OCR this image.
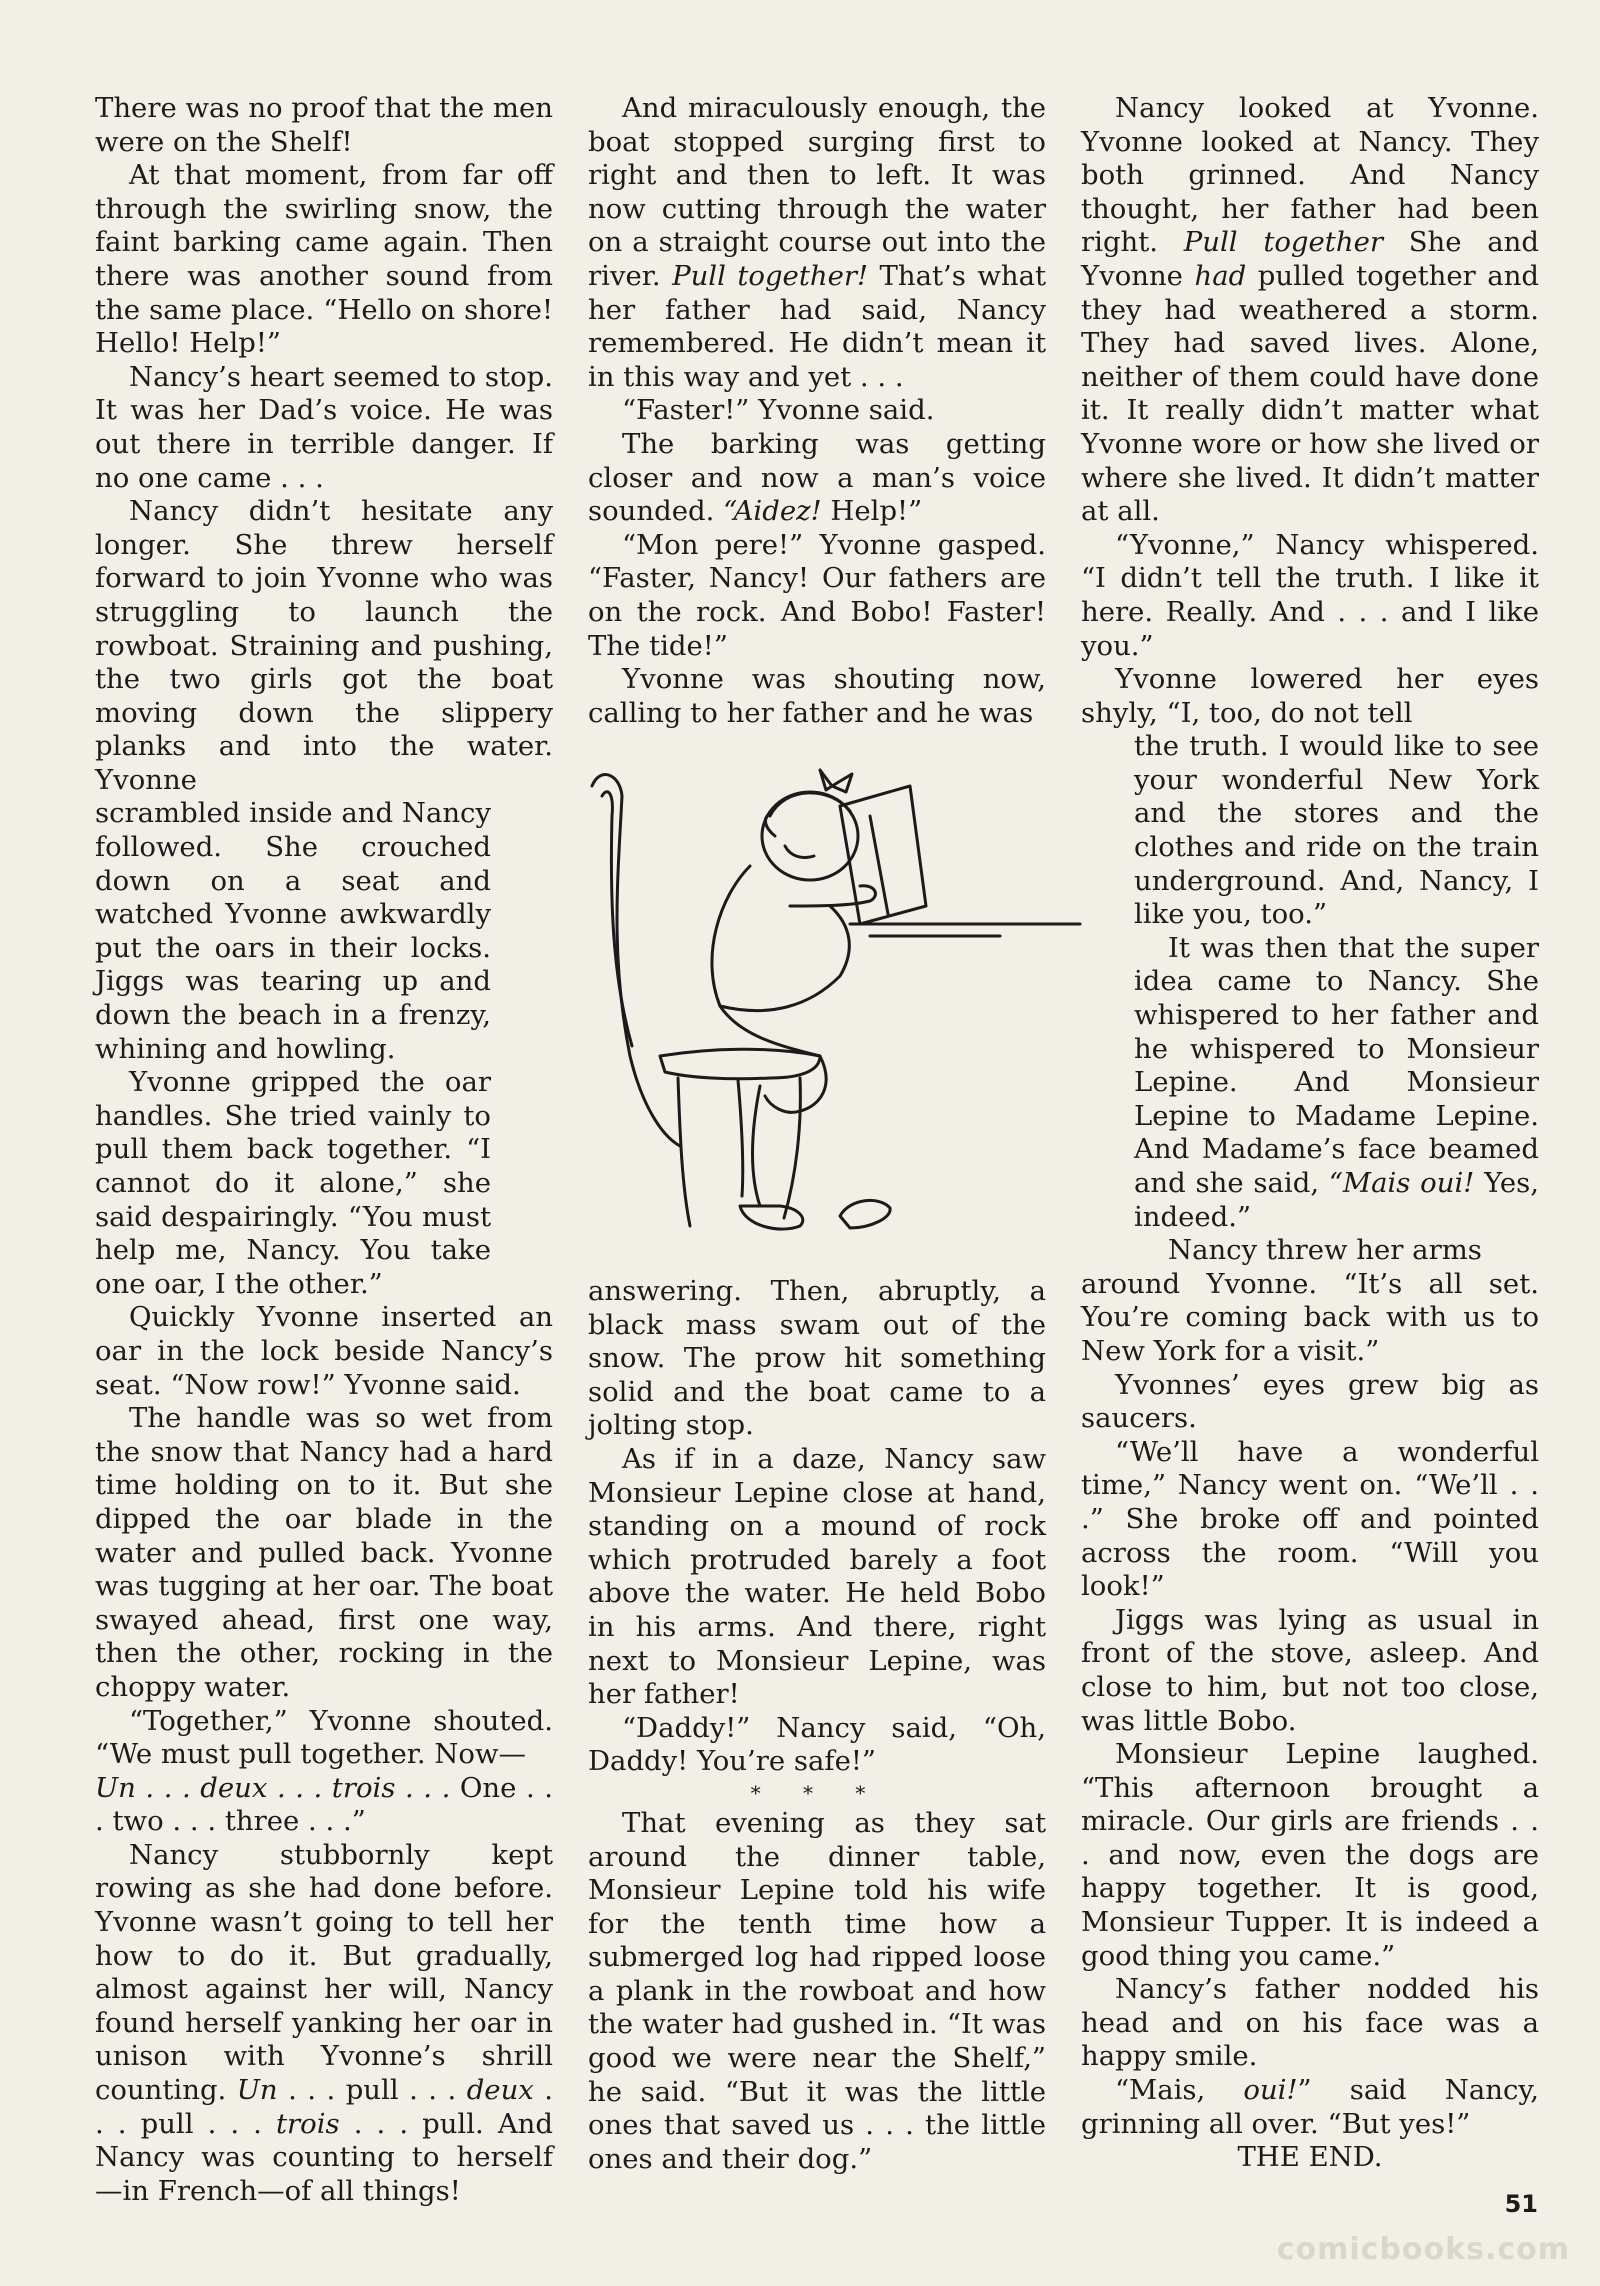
There was no proof that the men were on the Shelf!

At that moment, from far off through the swirling snow, the faint barking came again. Then there was another sound from the same place. “Hello on shore! Hello! Help!”

Nancy’s heart seemed to stop. It was her Dad’s voice. He was out there in terrible danger. If no one came . . .

Nancy didn’t hesitate any longer. She threw herself forward to join Yvonne who was struggling to launch the rowboat. Straining and pushing, the two girls got the boat moving down the slippery planks and into the water. Yvonne

scrambled inside and Nancy followed. She crouched down on a seat and watched Yvonne awkwardly put the oars in their locks. Jiggs was tearing up and down the beach in a frenzy, whining and howling.

Yvonne gripped the oar handles. She tried vainly to pull them back together. “I cannot do it alone,” she said despairingly. “You must help me, Nancy. You take one oar, I the other.”

Quickly Yvonne inserted an oar in the lock beside Nancy’s seat. “Now row!” Yvonne said.

The handle was so wet from the snow that Nancy had a hard time holding on to it. But she dipped the oar blade in the water and pulled back. Yvonne was tugging at her oar. The boat swayed ahead, first one way, then the other, rocking in the choppy water.

“Together,” Yvonne shouted. “We must pull together. Now—
Un . . . deux . . . trois . . . One . . . two . . . three . . .”

Nancy stubbornly kept rowing as she had done before. Yvonne wasn’t going to tell her how to do it. But gradually, almost against her will, Nancy found herself yanking her oar in unison with Yvonne’s shrill counting. Un . . . pull . . . deux . . . pull . . . trois . . . pull. And Nancy was counting to herself —in French—of all things!

And miraculously enough, the boat stopped surging first to right and then to left. It was now cutting through the water on a straight course out into the river. Pull together! That’s what her father had said, Nancy remembered. He didn’t mean it in this way and yet . . .

“Faster!” Yvonne said.

The barking was getting closer and now a man’s voice sounded. “Aidez! Help!”

“Mon pere!” Yvonne gasped. “Faster, Nancy! Our fathers are on the rock. And Bobo! Faster! The tide!”

Yvonne was shouting now, calling to her father and he was

answering. Then, abruptly, a black mass swam out of the snow. The prow hit something solid and the boat came to a jolting stop.

As if in a daze, Nancy saw Monsieur Lepine close at hand, standing on a mound of rock which protruded barely a foot above the water. He held Bobo in his arms. And there, right next to Monsieur Lepine, was her father!

“Daddy!” Nancy said, “Oh, Daddy! You’re safe!”

* * *

That evening as they sat around the dinner table, Monsieur Lepine told his wife for the tenth time how a submerged log had ripped loose a plank in the rowboat and how the water had gushed in. “It was good we were near the Shelf,” he said. “But it was the little ones that saved us . . . the little ones and their dog.”

Nancy looked at Yvonne. Yvonne looked at Nancy. They both grinned. And Nancy thought, her father had been right. Pull together She and Yvonne had pulled together and they had weathered a storm. They had saved lives. Alone, neither of them could have done it. It really didn’t matter what Yvonne wore or how she lived or where she lived. It didn’t matter at all.

“Yvonne,” Nancy whispered. “I didn’t tell the truth. I like it here. Really. And . . . and I like you.”

Yvonne lowered her eyes shyly, “I, too, do not tell

the truth. I would like to see your wonderful New York and the stores and the clothes and ride on the train underground. And, Nancy, I like you, too.”

It was then that the super idea came to Nancy. She whispered to her father and he whispered to Monsieur Lepine. And Monsieur Lepine to Madame Lepine. And Madame’s face beamed and she said, “Mais oui! Yes, indeed.”

Nancy threw her arms

around Yvonne. “It’s all set. You’re coming back with us to New York for a visit.”

Yvonnes’ eyes grew big as saucers.

“We’ll have a wonderful time,” Nancy went on. “We’ll . . .” She broke off and pointed across the room. “Will you look!”

Jiggs was lying as usual in front of the stove, asleep. And close to him, but not too close, was little Bobo.

Monsieur Lepine laughed. “This afternoon brought a miracle. Our girls are friends . . . and now, even the dogs are happy together. It is good, Monsieur Tupper. It is indeed a good thing you came.”

Nancy’s father nodded his head and on his face was a happy smile.

“Mais, oui!” said Nancy, grinning all over. “But yes!”

THE END.

51
comicbooks.com
